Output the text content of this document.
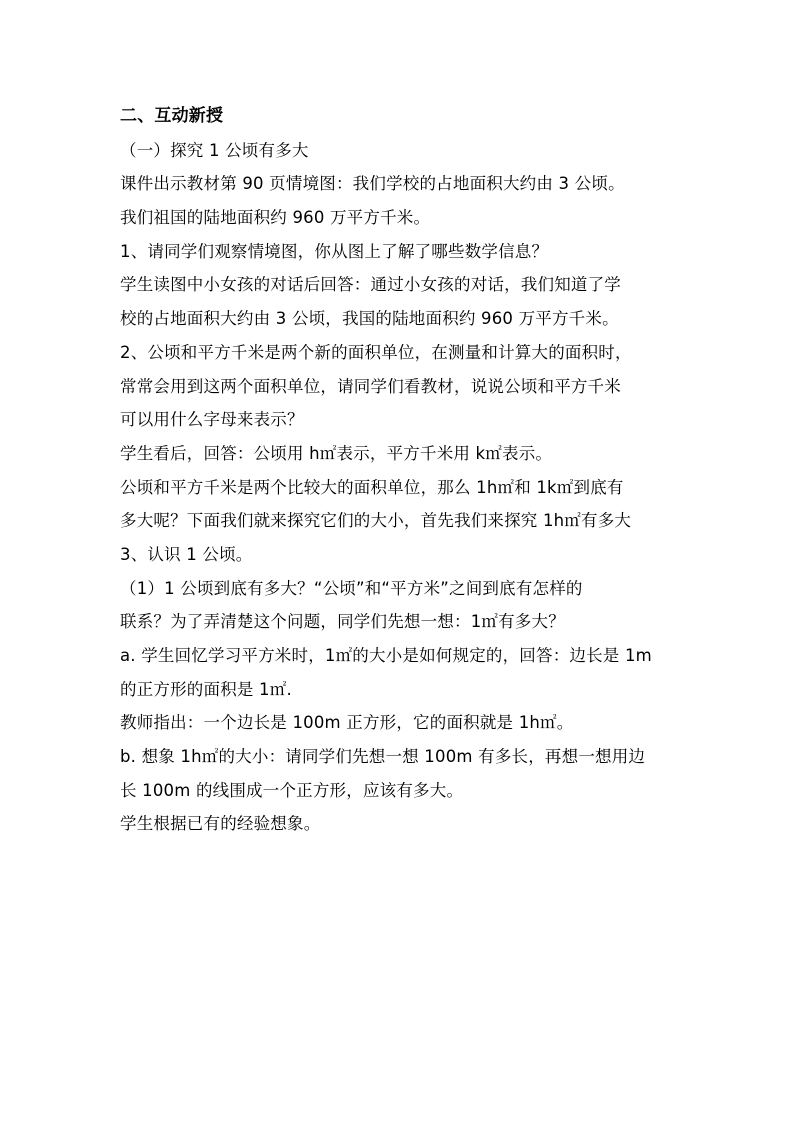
二、互动新授
（一）探究 1 公顷有多大
课件出示教材第 90 页情境图：我们学校的占地面积大约由 3 公顷。
我们祖国的陆地面积约 960 万平方千米。
1、请同学们观察情境图，你从图上了解了哪些数学信息？
学生读图中小女孩的对话后回答：通过小女孩的对话，我们知道了学
校的占地面积大约由 3 公顷，我国的陆地面积约 960 万平方千米。
2、公顷和平方千米是两个新的面积单位，在测量和计算大的面积时，
常常会用到这两个面积单位，请同学们看教材，说说公顷和平方千米
可以用什么字母来表示？
学生看后，回答：公顷用 h㎡表示，平方千米用 k㎡表示。
公顷和平方千米是两个比较大的面积单位，那么 1h㎡和 1k㎡到底有
多大呢？下面我们就来探究它们的大小，首先我们来探究 1h㎡有多大
3、认识 1 公顷。
（1）1 公顷到底有多大？“公顷”和“平方米”之间到底有怎样的
联系？为了弄清楚这个问题，同学们先想一想：1㎡有多大？
a. 学生回忆学习平方米时，1㎡的大小是如何规定的，回答：边长是 1m
的正方形的面积是 1㎡.
教师指出：一个边长是 100m 正方形，它的面积就是 1h㎡。
b. 想象 1h㎡的大小：请同学们先想一想 100m 有多长，再想一想用边
长 100m 的线围成一个正方形，应该有多大。
学生根据已有的经验想象。
